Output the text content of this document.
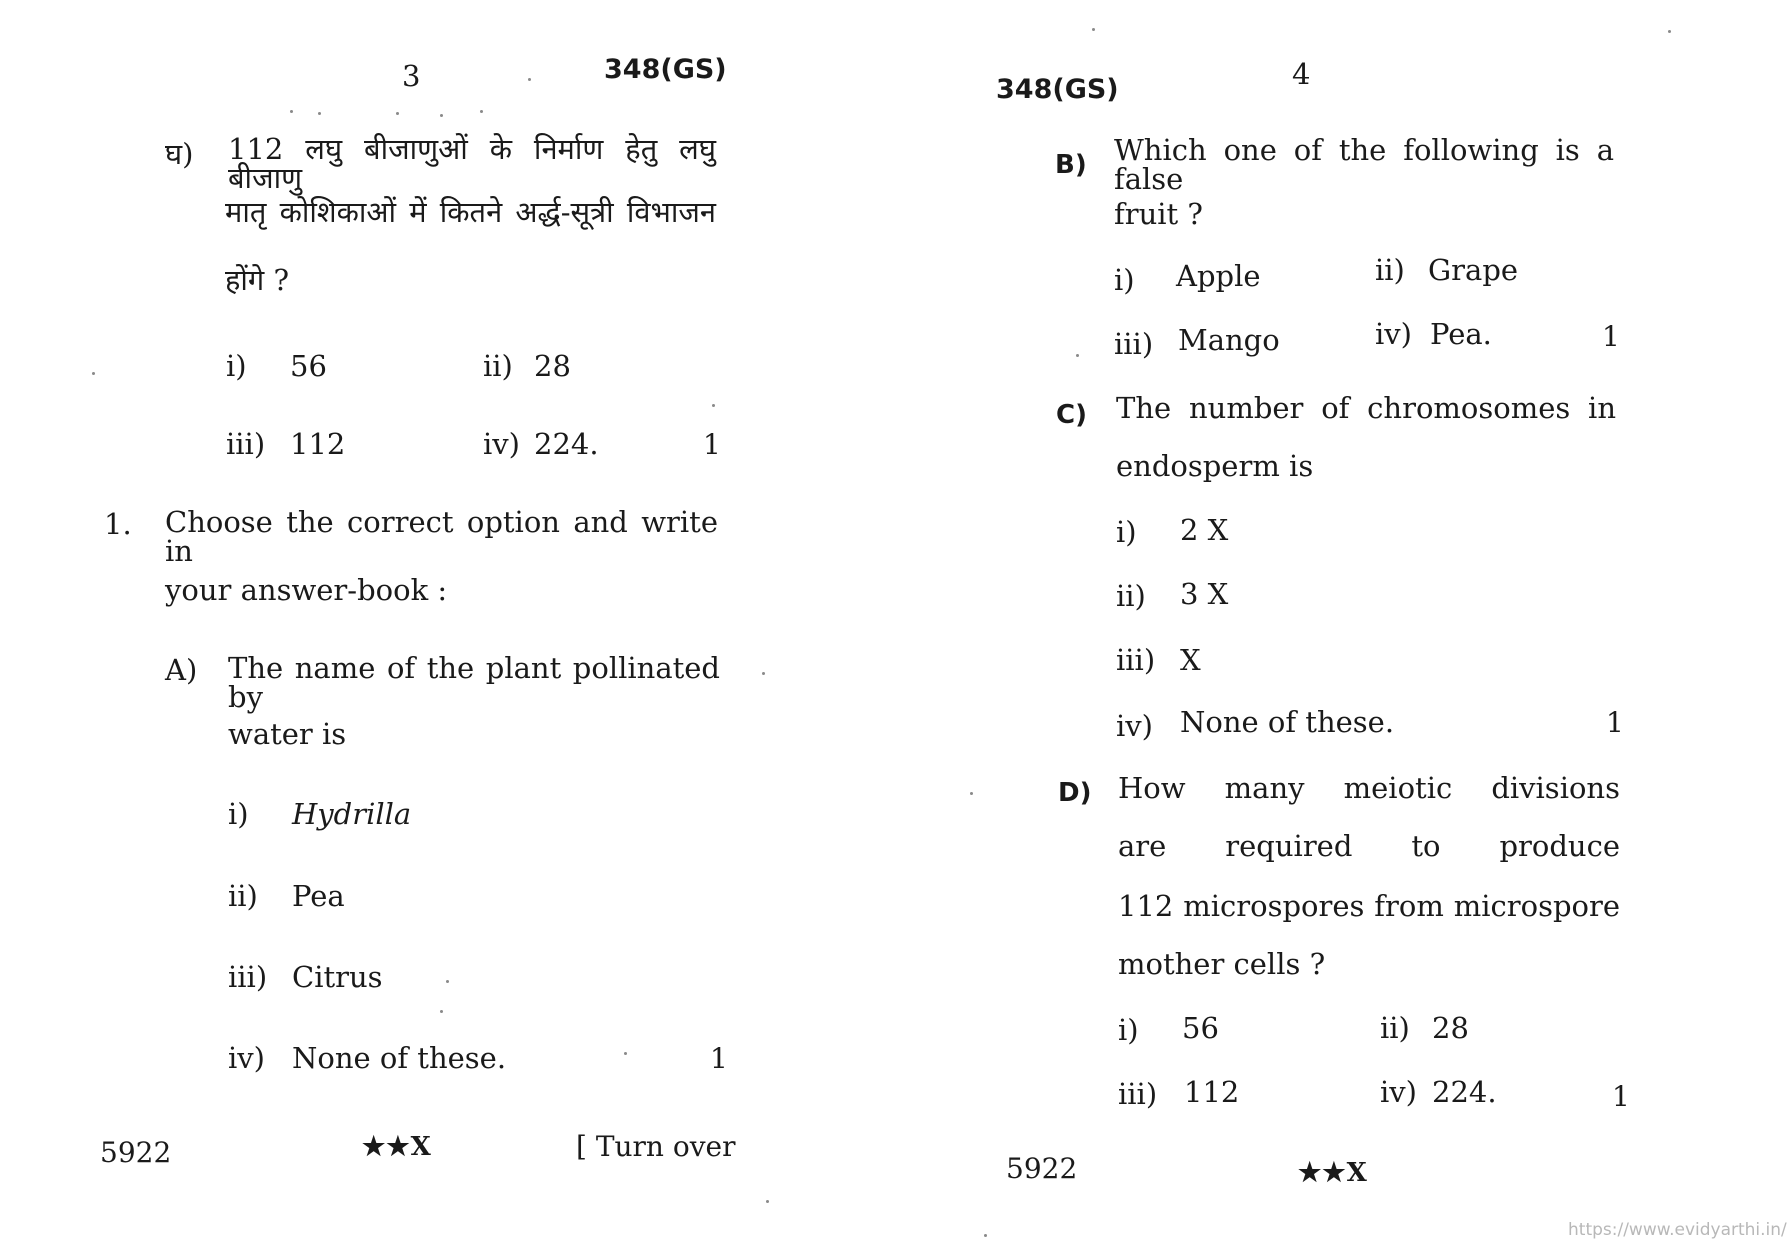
3	348(GS)
घ) 112 लघु बीजाणुओं के निर्माण हेतु लघु बीजाणु
मातृ कोशिकाओं में कितने अर्द्ध-सूत्री विभाजन
होंगे ?
i) 56	ii) 28
iii) 112	iv) 224.	1
1. Choose the correct option and write in
your answer-book :
A) The name of the plant pollinated by
water is
i) Hydrilla
ii) Pea
iii) Citrus
iv) None of these.	1
5922	★★X	[ Turn over
348(GS)	4
B) Which one of the following is a false
fruit ?
i) Apple	ii) Grape
iii) Mango	iv) Pea.	1
C) The number of chromosomes in
endosperm is
i) 2 X
ii) 3 X
iii) X
iv) None of these.	1
D) How many meiotic divisions
are required to produce
112 microspores from microspore
mother cells ?
i) 56	ii) 28
iii) 112	iv) 224.	1
5922	★★X
https://www.evidyarthi.in/
